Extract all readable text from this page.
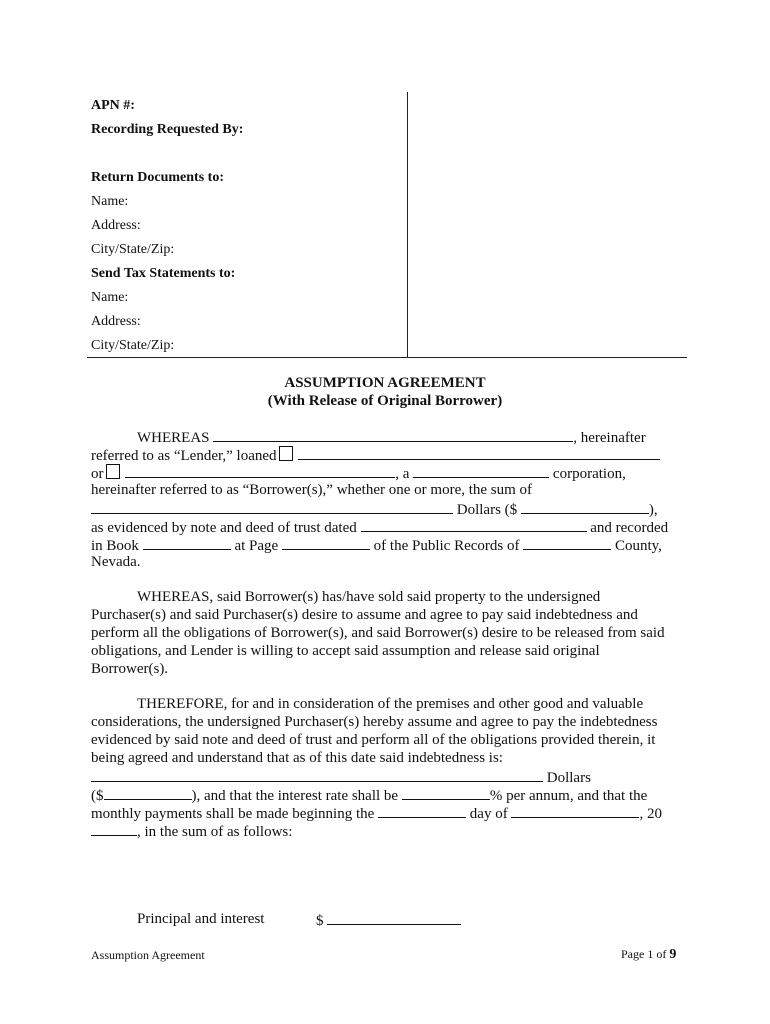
APN #:
Recording Requested By:
Return Documents to:
Name:
Address:
City/State/Zip:
Send Tax Statements to:
Name:
Address:
City/State/Zip:
ASSUMPTION AGREEMENT
(With Release of Original Borrower)
WHEREAS	, hereinafter
referred to as “Lender,” loaned
or	, a	corporation,
hereinafter referred to as “Borrower(s),” whether one or more, the sum of
Dollars ($	),
as evidenced by note and deed of trust dated	and recorded
in Book	at Page	of the Public Records of	County,
Nevada.
WHEREAS, said Borrower(s) has/have sold said property to the undersigned
Purchaser(s) and said Purchaser(s) desire to assume and agree to pay said indebtedness and
perform all the obligations of Borrower(s), and said Borrower(s) desire to be released from said
obligations, and Lender is willing to accept said assumption and release said original
Borrower(s).
THEREFORE, for and in consideration of the premises and other good and valuable
considerations, the undersigned Purchaser(s) hereby assume and agree to pay the indebtedness
evidenced by said note and deed of trust and perform all of the obligations provided therein, it
being agreed and understand that as of this date said indebtedness is:
Dollars
($	), and that the interest rate shall be	% per annum, and that the
monthly payments shall be made beginning the	day of	, 20
, in the sum of as follows:
Principal and interest	$
Assumption Agreement	Page 1 of 9
